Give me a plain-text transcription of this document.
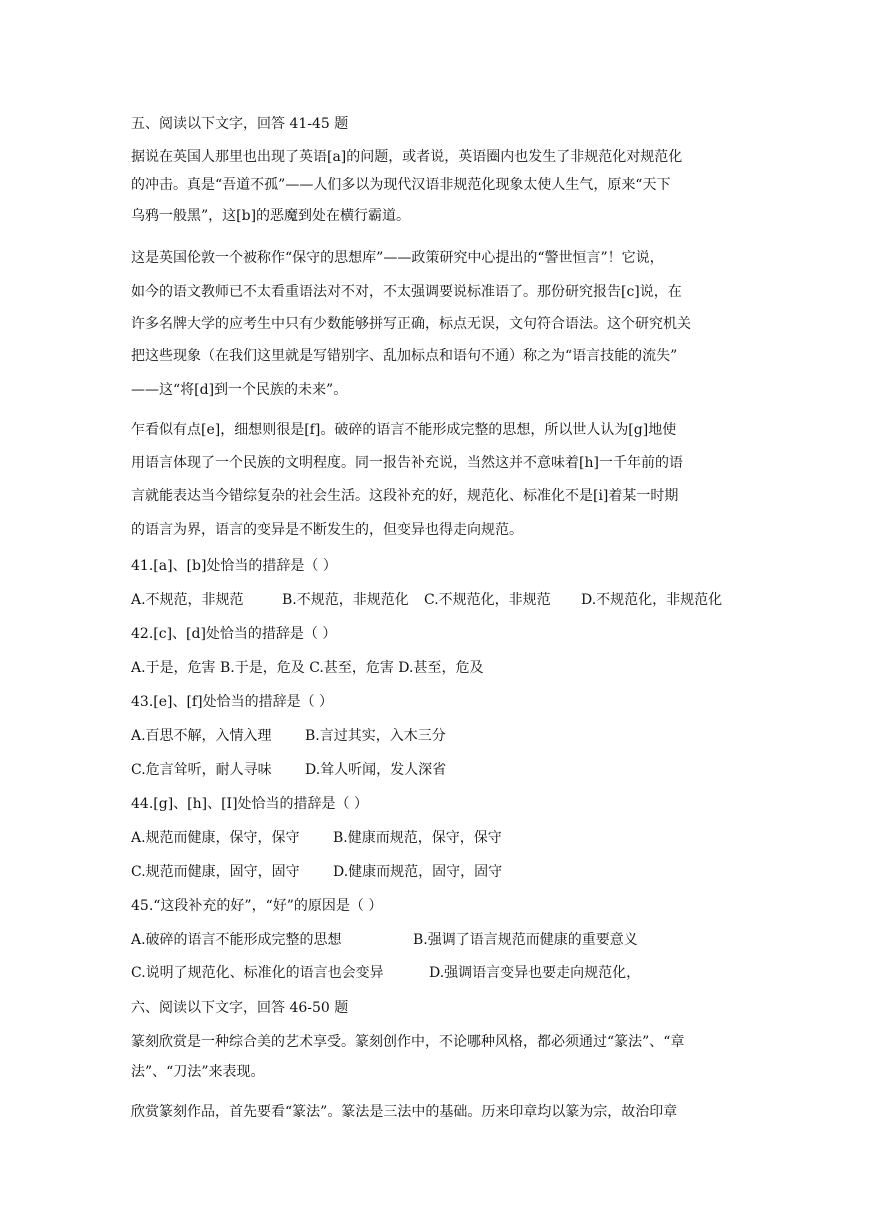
五、阅读以下文字，回答 41-45 题
据说在英国人那里也出现了英语[a]的问题，或者说，英语圈内也发生了非规范化对规范化
的冲击。真是“吾道不孤”——人们多以为现代汉语非规范化现象太使人生气，原来“天下
乌鸦一般黑”，这[b]的恶魔到处在横行霸道。
这是英国伦敦一个被称作“保守的思想库”——政策研究中心提出的“警世恒言”！它说，
如今的语文教师已不太看重语法对不对，不太强调要说标准语了。那份研究报告[c]说，在
许多名牌大学的应考生中只有少数能够拼写正确，标点无误，文句符合语法。这个研究机关
把这些现象（在我们这里就是写错别字、乱加标点和语句不通）称之为“语言技能的流失”
——这“将[d]到一个民族的未来”。
乍看似有点[e]，细想则很是[f]。破碎的语言不能形成完整的思想，所以世人认为[g]地使
用语言体现了一个民族的文明程度。同一报告补充说，当然这并不意味着[h]一千年前的语
言就能表达当今错综复杂的社会生活。这段补充的好，规范化、标准化不是[i]着某一时期
的语言为界，语言的变异是不断发生的，但变异也得走向规范。
41.[a]、[b]处恰当的措辞是（ ）
A.不规范，非规范	B.不规范，非规范化 C.不规范化，非规范 D.不规范化，非规范化
42.[c]、[d]处恰当的措辞是（ ）
A.于是，危害 B.于是，危及 C.甚至，危害 D.甚至，危及
43.[e]、[f]处恰当的措辞是（ ）
A.百思不解，入情入理 B.言过其实，入木三分
C.危言耸听，耐人寻味 D.耸人听闻，发人深省
44.[g]、[h]、[I]处恰当的措辞是（ ）
A.规范而健康，保守，保守 B.健康而规范，保守，保守
C.规范而健康，固守，固守 D.健康而规范，固守，固守
45.“这段补充的好”，“好”的原因是（ ）
A.破碎的语言不能形成完整的思想	B.强调了语言规范而健康的重要意义
C.说明了规范化、标准化的语言也会变异	D.强调语言变异也要走向规范化，
六、阅读以下文字，回答 46-50 题
篆刻欣赏是一种综合美的艺术享受。篆刻创作中，不论哪种风格，都必须通过“篆法”、“章
法”、“刀法”来表现。
欣赏篆刻作品，首先要看“篆法”。篆法是三法中的基础。历来印章均以篆为宗，故治印章
